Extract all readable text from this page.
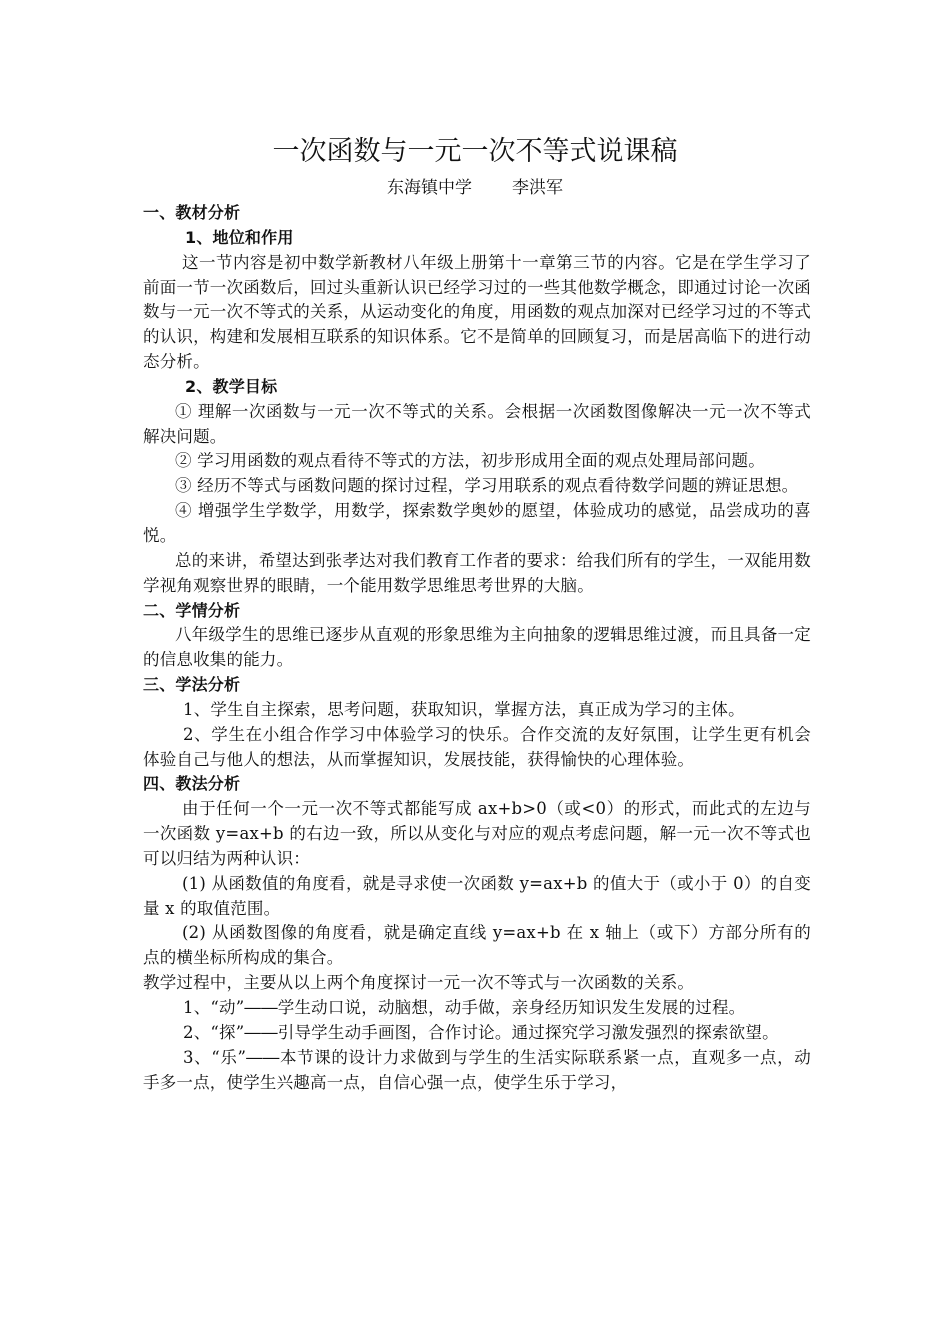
一次函数与一元一次不等式说课稿
东海镇中学 李洪军

一、教材分析

1、地位和作用

这一节内容是初中数学新教材八年级上册第十一章第三节的内容。它是在学生学习了前面一节一次函数后，回过头重新认识已经学习过的一些其他数学概念，即通过讨论一次函数与一元一次不等式的关系，从运动变化的角度，用函数的观点加深对已经学习过的不等式的认识，构建和发展相互联系的知识体系。它不是简单的回顾复习，而是居高临下的进行动态分析。

2、教学目标

① 理解一次函数与一元一次不等式的关系。会根据一次函数图像解决一元一次不等式解决问题。

② 学习用函数的观点看待不等式的方法，初步形成用全面的观点处理局部问题。

③ 经历不等式与函数问题的探讨过程，学习用联系的观点看待数学问题的辨证思想。

④ 增强学生学数学，用数学，探索数学奥妙的愿望，体验成功的感觉，品尝成功的喜悦。

总的来讲，希望达到张孝达对我们教育工作者的要求：给我们所有的学生，一双能用数学视角观察世界的眼睛，一个能用数学思维思考世界的大脑。

二、学情分析

八年级学生的思维已逐步从直观的形象思维为主向抽象的逻辑思维过渡，而且具备一定的信息收集的能力。

三、学法分析

1、学生自主探索，思考问题，获取知识，掌握方法，真正成为学习的主体。

2、学生在小组合作学习中体验学习的快乐。合作交流的友好氛围，让学生更有机会体验自己与他人的想法，从而掌握知识，发展技能，获得愉快的心理体验。

四、教法分析

由于任何一个一元一次不等式都能写成 ax+b>0（或<0）的形式，而此式的左边与一次函数 y=ax+b 的右边一致，所以从变化与对应的观点考虑问题，解一元一次不等式也可以归结为两种认识：

(1) 从函数值的角度看，就是寻求使一次函数 y=ax+b 的值大于（或小于 0）的自变量 x 的取值范围。

(2) 从函数图像的角度看，就是确定直线 y=ax+b 在 x 轴上（或下）方部分所有的点的横坐标所构成的集合。

教学过程中，主要从以上两个角度探讨一元一次不等式与一次函数的关系。

1、“动”――学生动口说，动脑想，动手做，亲身经历知识发生发展的过程。

2、“探”――引导学生动手画图，合作讨论。通过探究学习激发强烈的探索欲望。

3、“乐”――本节课的设计力求做到与学生的生活实际联系紧一点，直观多一点，动手多一点，使学生兴趣高一点，自信心强一点，使学生乐于学习，
